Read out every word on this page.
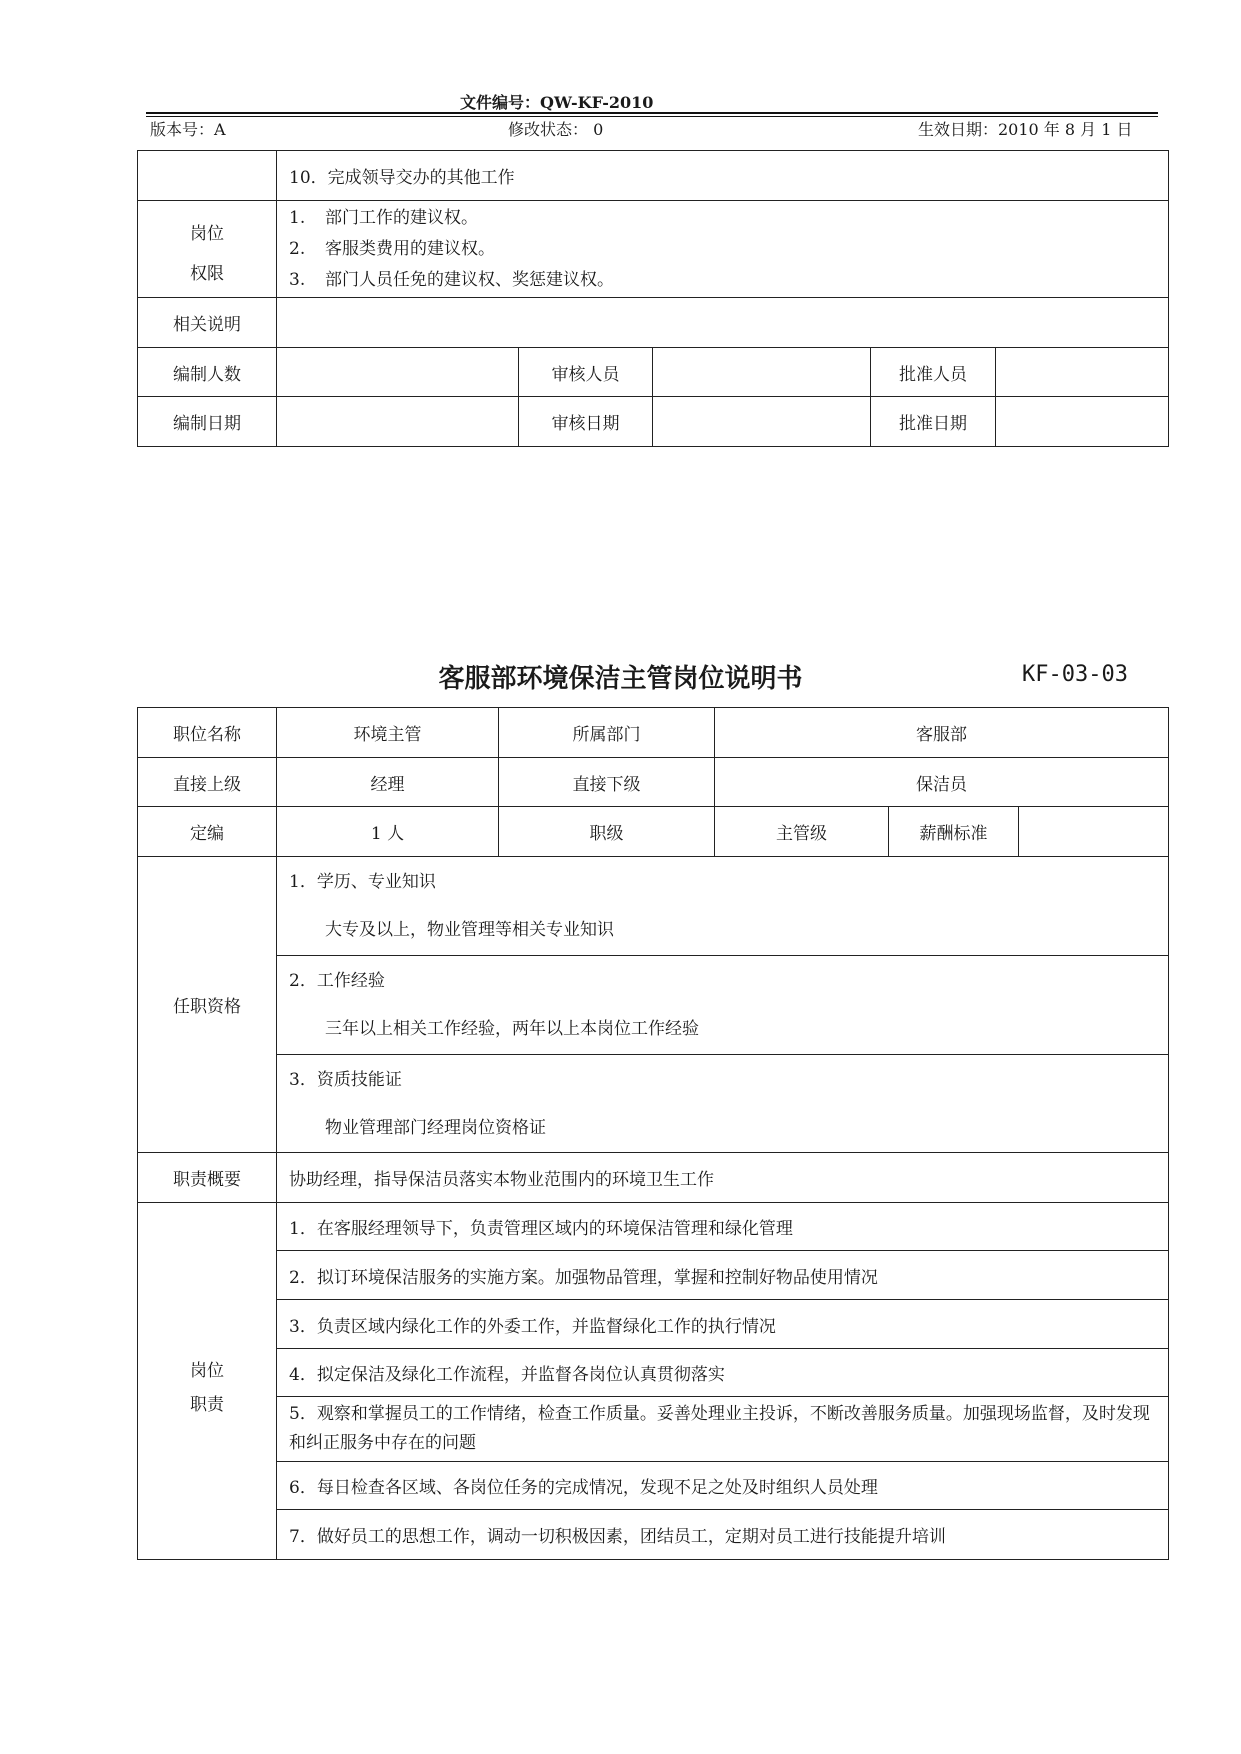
文件编号：QW-KF-2010
版本号：A	修改状态： 0	生效日期：2010 年 8 月 1 日
	10．完成领导交办的其他工作				

岗位
权限	1. 部门工作的建议权。
2. 客服类费用的建议权。
3. 部门人员任免的建议权、奖惩建议权。				

相关说明					
编制人数		审核人员		批准人员	
编制日期		审核日期		批准日期	
客服部环境保洁主管岗位说明书	KF-03-03
职位名称	环境主管	所属部门	客服部		
直接上级	经理	直接下级	保洁员		
定编	1 人	职级	主管级	薪酬标准	
任职资格	1．学历、专业知识
大专及以上，物业管理等相关专业知识				

	2．工作经验
三年以上相关工作经验，两年以上本岗位工作经验				

	3．资质技能证
物业管理部门经理岗位资格证				

职责概要	协助经理，指导保洁员落实本物业范围内的环境卫生工作				

岗位
职责	1．在客服经理领导下，负责管理区域内的环境保洁管理和绿化管理				
	2．拟订环境保洁服务的实施方案。加强物品管理，掌握和控制好物品使用情况				
	3．负责区域内绿化工作的外委工作，并监督绿化工作的执行情况				
	4．拟定保洁及绿化工作流程，并监督各岗位认真贯彻落实				

	5．观察和掌握员工的工作情绪，检查工作质量。妥善处理业主投诉，不断改善服务质量。加强现场监督，及时发现和纠正服务中存在的问题				

	6．每日检查各区域、各岗位任务的完成情况，发现不足之处及时组织人员处理				
	7．做好员工的思想工作，调动一切积极因素，团结员工，定期对员工进行技能提升培训				
